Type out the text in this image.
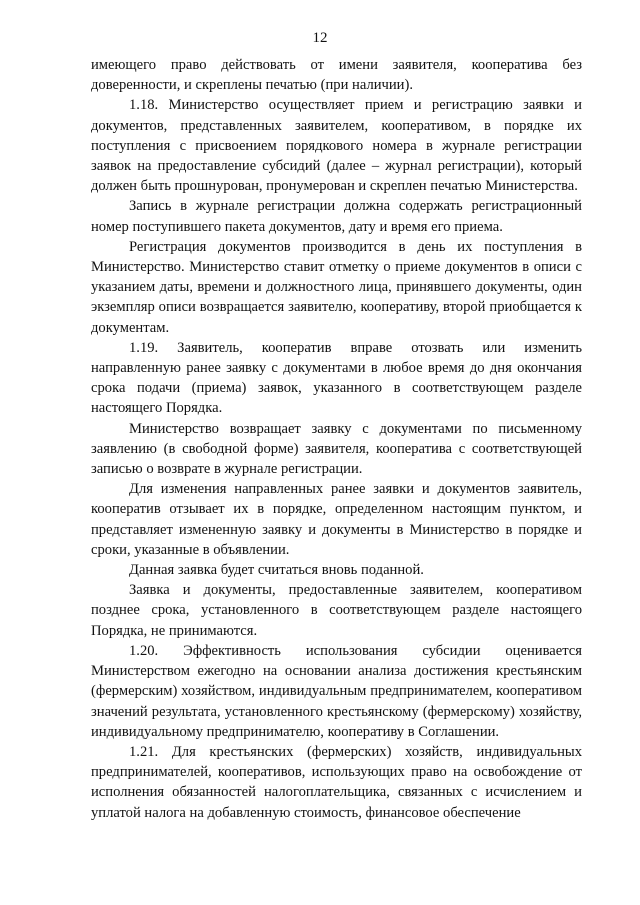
12

имеющего право действовать от имени заявителя, кооператива без доверенности, и скреплены печатью (при наличии).

1.18. Министерство осуществляет прием и регистрацию заявки и документов, представленных заявителем, кооперативом, в порядке их поступления с присвоением порядкового номера в журнале регистрации заявок на предоставление субсидий (далее – журнал регистрации), который должен быть прошнурован, пронумерован и скреплен печатью Министерства.

Запись в журнале регистрации должна содержать регистрационный номер поступившего пакета документов, дату и время его приема.

Регистрация документов производится в день их поступления в Министерство. Министерство ставит отметку о приеме документов в описи с указанием даты, времени и должностного лица, принявшего документы, один экземпляр описи возвращается заявителю, кооперативу, второй приобщается к документам.

1.19. Заявитель, кооператив вправе отозвать или изменить направленную ранее заявку с документами в любое время до дня окончания срока подачи (приема) заявок, указанного в соответствующем разделе настоящего Порядка.

Министерство возвращает заявку с документами по письменному заявлению (в свободной форме) заявителя, кооператива с соответствующей записью о возврате в журнале регистрации.

Для изменения направленных ранее заявки и документов заявитель, кооператив отзывает их в порядке, определенном настоящим пунктом, и представляет измененную заявку и документы в Министерство в порядке и сроки, указанные в объявлении.

Данная заявка будет считаться вновь поданной.

Заявка и документы, предоставленные заявителем, кооперативом позднее срока, установленного в соответствующем разделе настоящего Порядка, не принимаются.

1.20. Эффективность использования субсидии оценивается Министерством ежегодно на основании анализа достижения крестьянским (фермерским) хозяйством, индивидуальным предпринимателем, кооперативом значений результата, установленного крестьянскому (фермерскому) хозяйству, индивидуальному предпринимателю, кооперативу в Соглашении.

1.21. Для крестьянских (фермерских) хозяйств, индивидуальных предпринимателей, кооперативов, использующих право на освобождение от исполнения обязанностей налогоплательщика, связанных с исчислением и уплатой налога на добавленную стоимость, финансовое обеспечение
